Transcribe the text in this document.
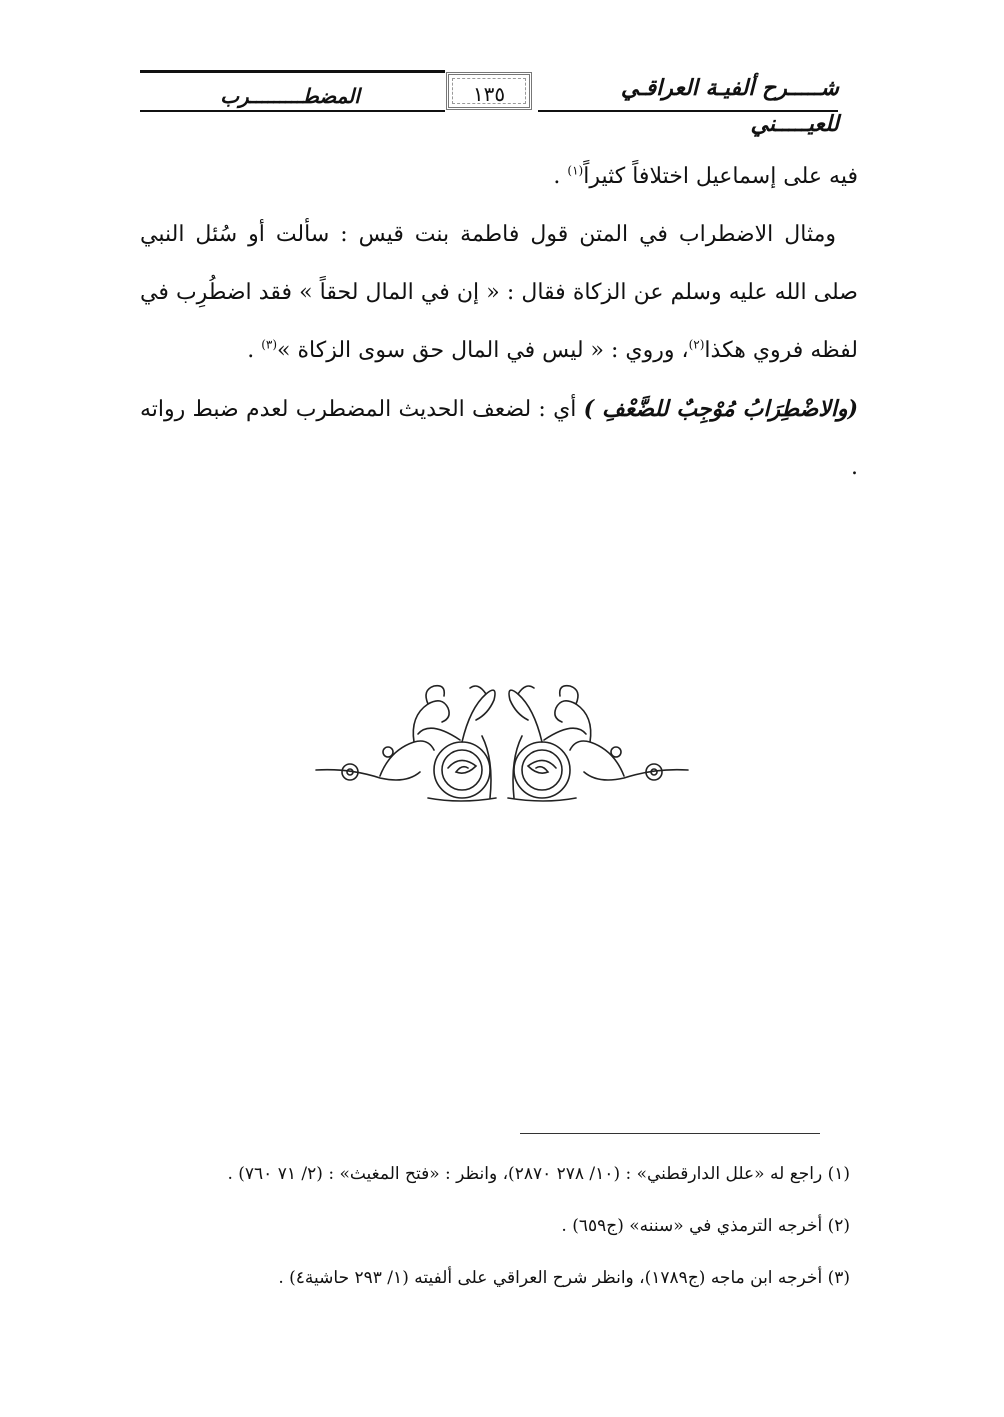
شـــــرح ألفيـة العراقـي للعيـــــني
١٣٥
المضطـــــــــرب

فيه على إسماعيل اختلافاً كثيراً$^{(١)}$ .

ومثال الاضطراب في المتن قول فاطمة بنت قيس : سألت أو سُئل النبي صلى الله عليه وسلم عن الزكاة فقال : « إن في المال لحقاً » فقد اضطُرِب في لفظه فروي هكذا$^{(٢)}$، وروي : « ليس في المال حق سوى الزكاة »$^{(٣)}$ .

(والاضْطِرَابُ مُوْجِبٌ للضَّعْفِ ) أي : لضعف الحديث المضطرب لعدم ضبط رواته .

(١) راجع له «علل الدارقطني» : (١٠/ ٢٧٨ ٢٨٧٠)، وانظر : «فتح المغيث» : (٢/ ٧١ ٧٦٠) .

(٢) أخرجه الترمذي في «سننه» (ج٦٥٩) .

(٣) أخرجه ابن ماجه (ج١٧٨٩)، وانظر شرح العراقي على ألفيته (١/ ٢٩٣ حاشية٤) .
